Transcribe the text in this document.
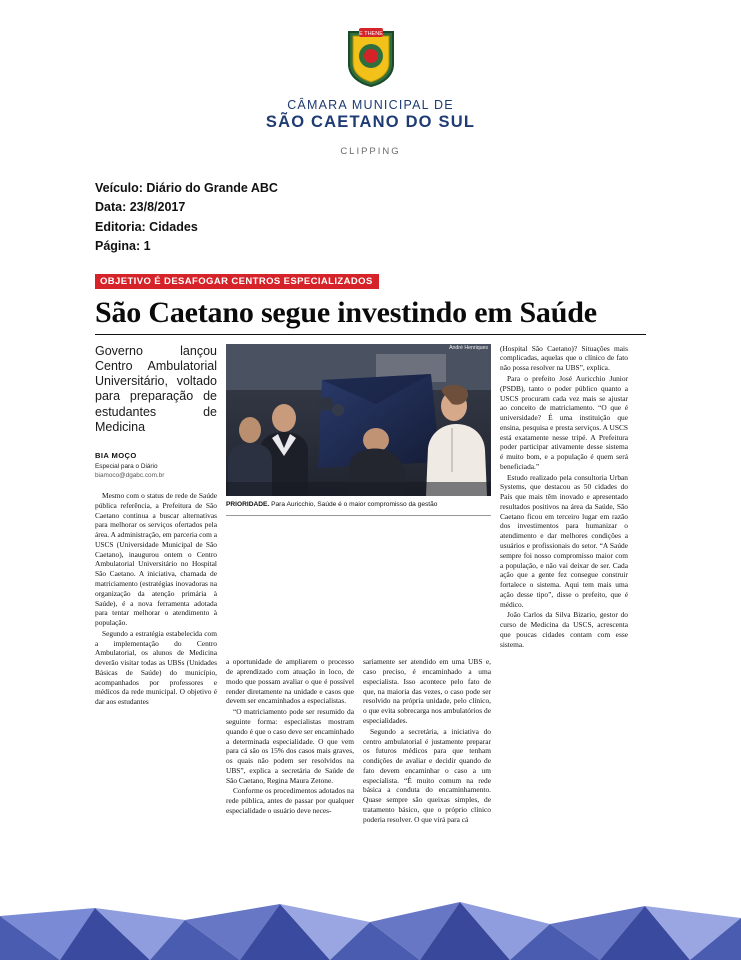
E THENE
CÂMARA MUNICIPAL DE
SÃO CAETANO DO SUL
CLIPPING
Veículo: Diário do Grande ABC
Data: 23/8/2017
Editoria: Cidades
Página: 1
OBJETIVO É DESAFOGAR CENTROS ESPECIALIZADOS
São Caetano segue investindo em Saúde
Governo lançou Centro Ambulatorial Universitário, voltado para preparação de estudantes de Medicina
BIA MOÇO
Especial para o Diário
biamoco@dgabc.com.br

Mesmo com o status de rede de Saúde pública referência, a Prefeitura de São Caetano continua a buscar alternativas para melhorar os serviços ofertados pela área. A administração, em parceria com a USCS (Universidade Municipal de São Caetano), inaugurou ontem o Centro Ambulatorial Universitário no Hospital São Caetano. A iniciativa, chamada de matriciamento (estratégias inovadoras na organização da atenção primária à Saúde), é a nova ferramenta adotada para tentar melhorar o atendimento à população.

Segundo a estratégia estabelecida com a implementação do Centro Ambulatorial, os alunos de Medicina deverão visitar todas as UBSs (Unidades Básicas de Saúde) do município, acompanhados por professores e médicos da rede municipal. O objetivo é dar aos estudantes

André Henriques
PRIORIDADE. Para Auricchio, Saúde é o maior compromisso da gestão

(Hospital São Caetano)? Situações mais complicadas, aquelas que o clínico de fato não possa resolver na UBS”, explica.

Para o prefeito José Auricchio Junior (PSDB), tanto o poder público quanto a USCS procuram cada vez mais se ajustar ao conceito de matriciamento. “O que é universidade? É uma instituição que ensina, pesquisa e presta serviços. A USCS está exatamente nesse tripé. A Prefeitura poder participar ativamente desse sistema é muito bom, e a população é quem será beneficiada.”

Estudo realizado pela consultoria Urban Systems, que destacou as 50 cidades do País que mais têm inovado e apresentado resultados positivos na área da Saúde, São Caetano ficou em terceiro lugar em razão dos investimentos para humanizar o atendimento e dar melhores condições a usuários e profissionais do setor. “A Saúde sempre foi nosso compromisso maior com a população, e não vai deixar de ser. Cada ação que a gente fez consegue construir fortalece o sistema. Aqui tem mais uma ação desse tipo”, disse o prefeito, que é médico.

João Carlos da Silva Bizario, gestor do curso de Medicina da USCS, acrescenta que poucas cidades contam com esse sistema.

a oportunidade de ampliarem o processo de aprendizado com atuação in loco, de modo que possam avaliar o que é possível render diretamente na unidade e casos que devem ser encaminhados a especialistas.

“O matriciamento pode ser resumido da seguinte forma: especialistas mostram quando é que o caso deve ser encaminhado a determinada especialidade. O que vem para cá são os 15% dos casos mais graves, os quais não podem ser resolvidos na UBS”, explica a secretária de Saúde de São Caetano, Regina Maura Zetone.

Conforme os procedimentos adotados na rede pública, antes de passar por qualquer especialidade o usuário deve neces-

sariamente ser atendido em uma UBS e, caso preciso, é encaminhado a uma especialista. Isso acontece pelo fato de que, na maioria das vezes, o caso pode ser resolvido na própria unidade, pelo clínico, o que evita sobrecarga nos ambulatórios de especialidades.

Segundo a secretária, a iniciativa do centro ambulatorial é justamente preparar os futuros médicos para que tenham condições de avaliar e decidir quando de fato devem encaminhar o caso a um especialista. “É muito comum na rede básica a conduta do encaminhamento. Quase sempre são queixas simples, de tratamento básico, que o próprio clínico poderia resolver. O que virá para cá
